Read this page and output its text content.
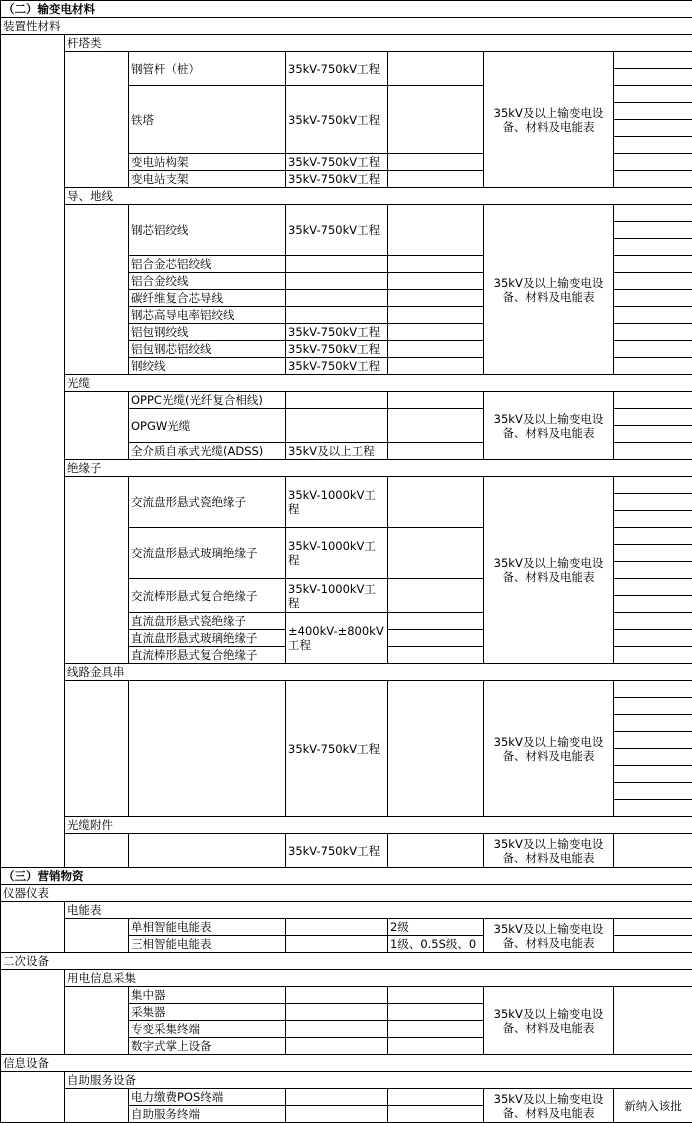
（二）输变电材料						
装置性材料						
	杆塔类					
		钢管杆（桩）	35kV-750kV工程		35kV及以上输变电设备、材料及电能表	

		铁塔	35kV-750kV工程			

		变电站构架	35kV-750kV工程			
		变电站支架	35kV-750kV工程			
	导、地线					
		钢芯铝绞线	35kV-750kV工程		35kV及以上输变电设备、材料及电能表	

		铝合金芯铝绞线				
		铝合金绞线				
		碳纤维复合芯导线				
		钢芯高导电率铝绞线				
		铝包钢绞线	35kV-750kV工程			
		铝包钢芯铝绞线	35kV-750kV工程			
		钢绞线	35kV-750kV工程			
	光缆					
		OPPC光缆(光纤复合相线)			35kV及以上输变电设备、材料及电能表	
		OPGW光缆				

		全介质自承式光缆(ADSS)	35kV及以上工程			
	绝缘子					
		交流盘形悬式瓷绝缘子	35kV-1000kV工程		35kV及以上输变电设备、材料及电能表	

		交流盘形悬式玻璃绝缘子	35kV-1000kV工程			

		交流棒形悬式复合绝缘子	35kV-1000kV工程			

		直流盘形悬式瓷绝缘子	±400kV-±800kV工程			
		直流盘形悬式玻璃绝缘子				
		直流棒形悬式复合绝缘子				
	线路金具串					
			35kV-750kV工程		35kV及以上输变电设备、材料及电能表	

	光缆附件					
			35kV-750kV工程		35kV及以上输变电设备、材料及电能表	

（三）营销物资						
仪器仪表						
	电能表					
		单相智能电能表		2级	35kV及以上输变电设备、材料及电能表	
		三相智能电能表		1级、0.5S级、0		
二次设备						
	用电信息采集					
		集中器			35kV及以上输变电设备、材料及电能表	
		采集器				
		专变采集终端				
		数字式掌上设备				
信息设备						
	自助服务设备					
		电力缴费POS终端			35kV及以上输变电设备、材料及电能表	新纳入该批
		自助服务终端				
